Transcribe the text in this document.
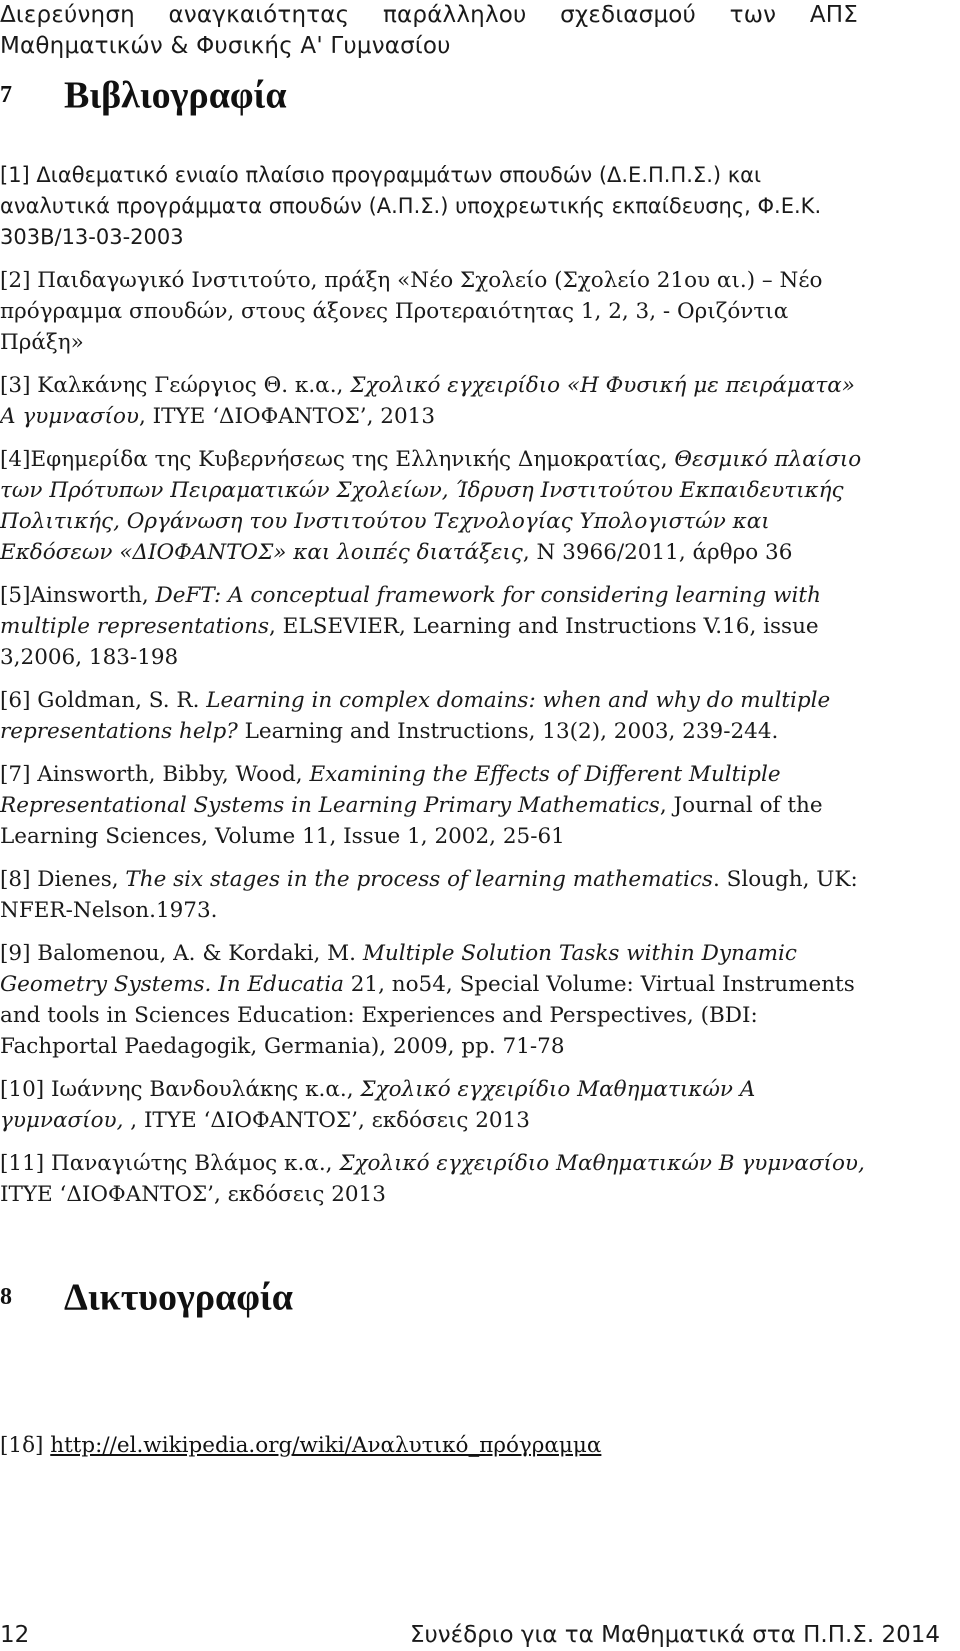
Διερεύνηση αναγκαιότητας παράλληλου σχεδιασμού των ΑΠΣ Μαθηματικών & Φυσικής Α' Γυμνασίου
7 Βιβλιογραφία
[1] Διαθεματικό ενιαίο πλαίσιο προγραμμάτων σπουδών (Δ.Ε.Π.Π.Σ.) και αναλυτικά προγράμματα σπουδών (Α.Π.Σ.) υποχρεωτικής εκπαίδευσης, Φ.Ε.Κ. 303Β/13-03-2003
[2] Παιδαγωγικό Ινστιτούτο, πράξη «Νέο Σχολείο (Σχολείο 21ου αι.) – Νέο πρόγραμμα σπουδών, στους άξονες Προτεραιότητας 1, 2, 3, - Οριζόντια Πράξη»
[3] Καλκάνης Γεώργιος Θ. κ.α., Σχολικό εγχειρίδιο «Η Φυσική με πειράματα» Α γυμνασίου, ΙΤΥΕ ‘ΔΙΟΦΑΝΤΟΣ’, 2013
[4]Εφημερίδα της Κυβερνήσεως της Ελληνικής Δημοκρατίας, Θεσμικό πλαίσιο των Πρότυπων Πειραματικών Σχολείων, Ίδρυση Ινστιτούτου Εκπαιδευτικής Πολιτικής, Οργάνωση του Ινστιτούτου Τεχνολογίας Υπολογιστών και Εκδόσεων «ΔΙΟΦΑΝΤΟΣ» και λοιπές διατάξεις, Ν 3966/2011, άρθρο 36
[5]Ainsworth, DeFT: A conceptual framework for considering learning with multiple representations, ELSEVIER, Learning and Instructions V.16, issue 3,2006, 183-198
[6] Goldman, S. R. Learning in complex domains: when and why do multiple representations help? Learning and Instructions, 13(2), 2003, 239-244.
[7] Ainsworth, Bibby, Wood, Examining the Effects of Different Multiple Representational Systems in Learning Primary Mathematics, Journal of the Learning Sciences, Volume 11, Issue 1, 2002, 25-61
[8] Dienes, The six stages in the process of learning mathematics. Slough, UK: NFER-Nelson.1973.
[9] Balomenou, A. & Kordaki, M. Multiple Solution Tasks within Dynamic Geometry Systems. In Educatia 21, no54, Special Volume: Virtual Instruments and tools in Sciences Education: Experiences and Perspectives, (BDI: Fachportal Paedagogik, Germania), 2009, pp. 71-78
[10] Ιωάννης Βανδουλάκης κ.α., Σχολικό εγχειρίδιο Μαθηματικών Α γυμνασίου, , ΙΤΥΕ ‘ΔΙΟΦΑΝΤΟΣ’, εκδόσεις 2013
[11] Παναγιώτης Βλάμος κ.α., Σχολικό εγχειρίδιο Μαθηματικών Β γυμνασίου, ΙΤΥΕ ‘ΔΙΟΦΑΝΤΟΣ’, εκδόσεις 2013
8 Δικτυογραφία
[1δ] http://el.wikipedia.org/wiki/Αναλυτικό_πρόγραμμα
12	Συνέδριο για τα Μαθηματικά στα Π.Π.Σ. 2014
